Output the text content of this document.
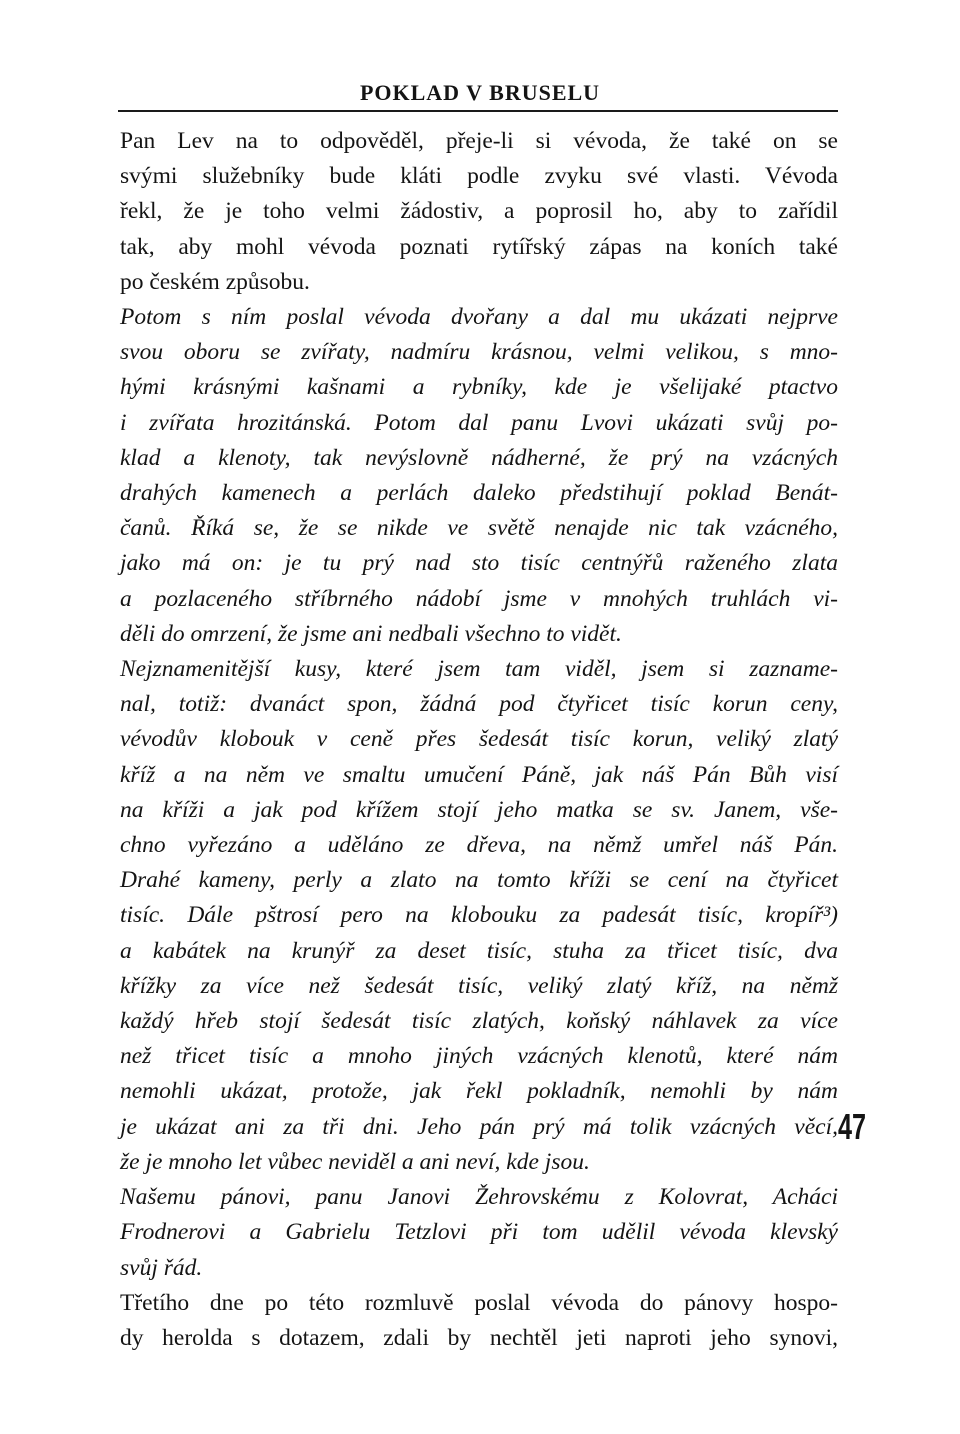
POKLAD V BRUSELU

Pan Lev na to odpověděl, přeje-li si vévoda, že také on se
svými služebníky bude kláti podle zvyku své vlasti. Vévoda
řekl, že je toho velmi žádostiv, a poprosil ho, aby to zařídil
tak, aby mohl vévoda poznati rytířský zápas na koních také
po českém způsobu.

Potom s ním poslal vévoda dvořany a dal mu ukázati nejprve
svou oboru se zvířaty, nadmíru krásnou, velmi velikou, s mno-
hými krásnými kašnami a rybníky, kde je všelijaké ptactvo
i zvířata hrozitánská. Potom dal panu Lvovi ukázati svůj po-
klad a klenoty, tak nevýslovně nádherné, že prý na vzácných
drahých kamenech a perlách daleko předstihují poklad Benát-
čanů. Říká se, že se nikde ve světě nenajde nic tak vzácného,
jako má on: je tu prý nad sto tisíc centnýřů raženého zlata
a pozlaceného stříbrného nádobí jsme v mnohých truhlách vi-
děli do omrzení, že jsme ani nedbali všechno to vidět.

Nejznamenitější kusy, které jsem tam viděl, jsem si zazname-
nal, totiž: dvanáct spon, žádná pod čtyřicet tisíc korun ceny,
vévodův klobouk v ceně přes šedesát tisíc korun, veliký zlatý
kříž a na něm ve smaltu umučení Páně, jak náš Pán Bůh visí
na kříži a jak pod křížem stojí jeho matka se sv. Janem, vše-
chno vyřezáno a uděláno ze dřeva, na němž umřel náš Pán.
Drahé kameny, perly a zlato na tomto kříži se cení na čtyřicet
tisíc. Dále pštrosí pero na klobouku za padesát tisíc, kropíř³)
a kabátek na krunýř za deset tisíc, stuha za třicet tisíc, dva
křížky za více než šedesát tisíc, veliký zlatý kříž, na němž
každý hřeb stojí šedesát tisíc zlatých, koňský náhlavek za více
než třicet tisíc a mnoho jiných vzácných klenotů, které nám
nemohli ukázat, protože, jak řekl pokladník, nemohli by nám
je ukázat ani za tři dni. Jeho pán prý má tolik vzácných věcí,
že je mnoho let vůbec neviděl a ani neví, kde jsou.

Našemu pánovi, panu Janovi Žehrovskému z Kolovrat, Acháci
Frodnerovi a Gabrielu Tetzlovi při tom udělil vévoda klevský
svůj řád.

Třetího dne po této rozmluvě poslal vévoda do pánovy hospo-
dy herolda s dotazem, zdali by nechtěl jeti naproti jeho synovi,

47
